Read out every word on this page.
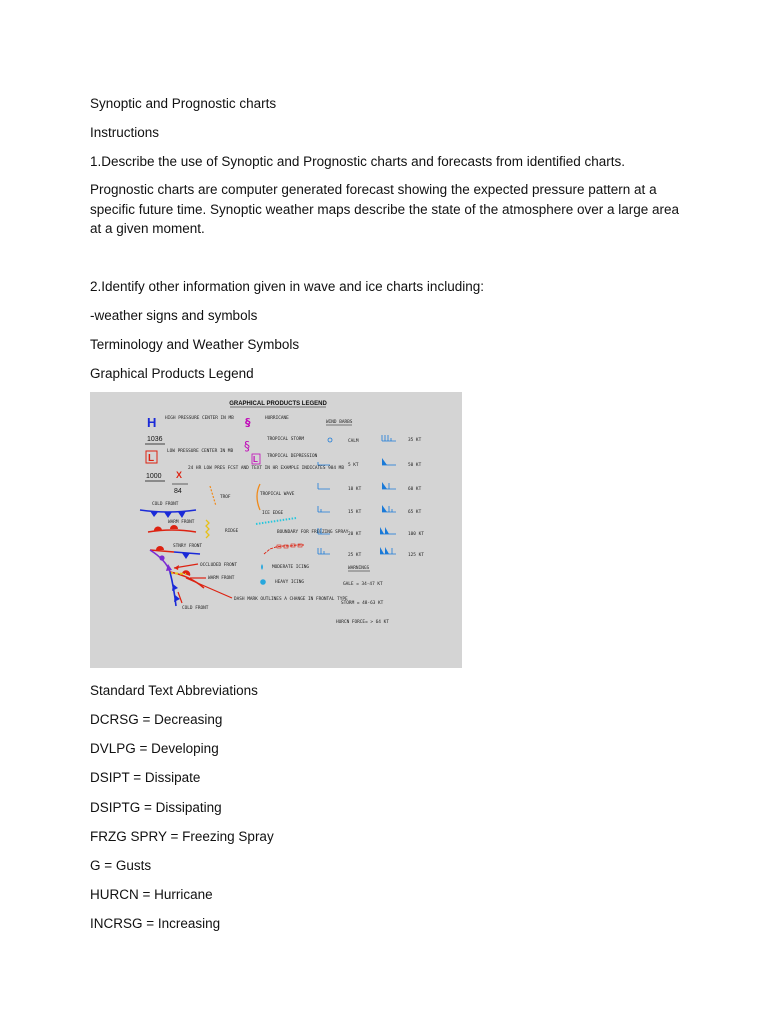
Synoptic and Prognostic charts
Instructions
1.Describe the use of Synoptic and Prognostic charts and forecasts from identified charts.
Prognostic charts are computer generated forecast showing the expected pressure pattern at a specific future time. Synoptic weather maps describe the state of the atmosphere over a large area at a given moment.
2.Identify other information given in wave and ice charts including:
-weather signs and symbols
Terminology and Weather Symbols
Graphical Products Legend
GRAPHICAL PRODUCTS LEGEND
H HIGH PRESSURE CENTER IN MB
1036
L
LOW PRESSURE CENTER IN MB
1000 X
24 HR LOW PRES FCST AND TEXT IN HR EXAMPLE INDICATES 984 MB
84
COLD FRONT
WARM FRONT
STNRY FRONT
OCCLUDED FRONT
WARM FRONT
DASH MARK OUTLINES A CHANGE IN FRONTAL TYPE
COLD FRONT
TROF
RIDGE
§	HURRICANE
§	TROPICAL STORM
L TROPICAL DEPRESSION
TROPICAL WAVE
ICE EDGE
BOUNDARY FOR FREEZING SPRAY
MODERATE ICING
HEAVY ICING
WIND BARBS
CALM
5 KT
10 KT
15 KT
20 KT
25 KT
35 KT
50 KT
60 KT
65 KT
100 KT
125 KT
WARNINGS
GALE = 34-47 KT
STORM = 48-63 KT
HURCN FORCE= > 64 KT
Standard Text Abbreviations
DCRSG = Decreasing
DVLPG = Developing
DSIPT = Dissipate
DSIPTG = Dissipating
FRZG SPRY = Freezing Spray
G = Gusts
HURCN = Hurricane
INCRSG = Increasing
